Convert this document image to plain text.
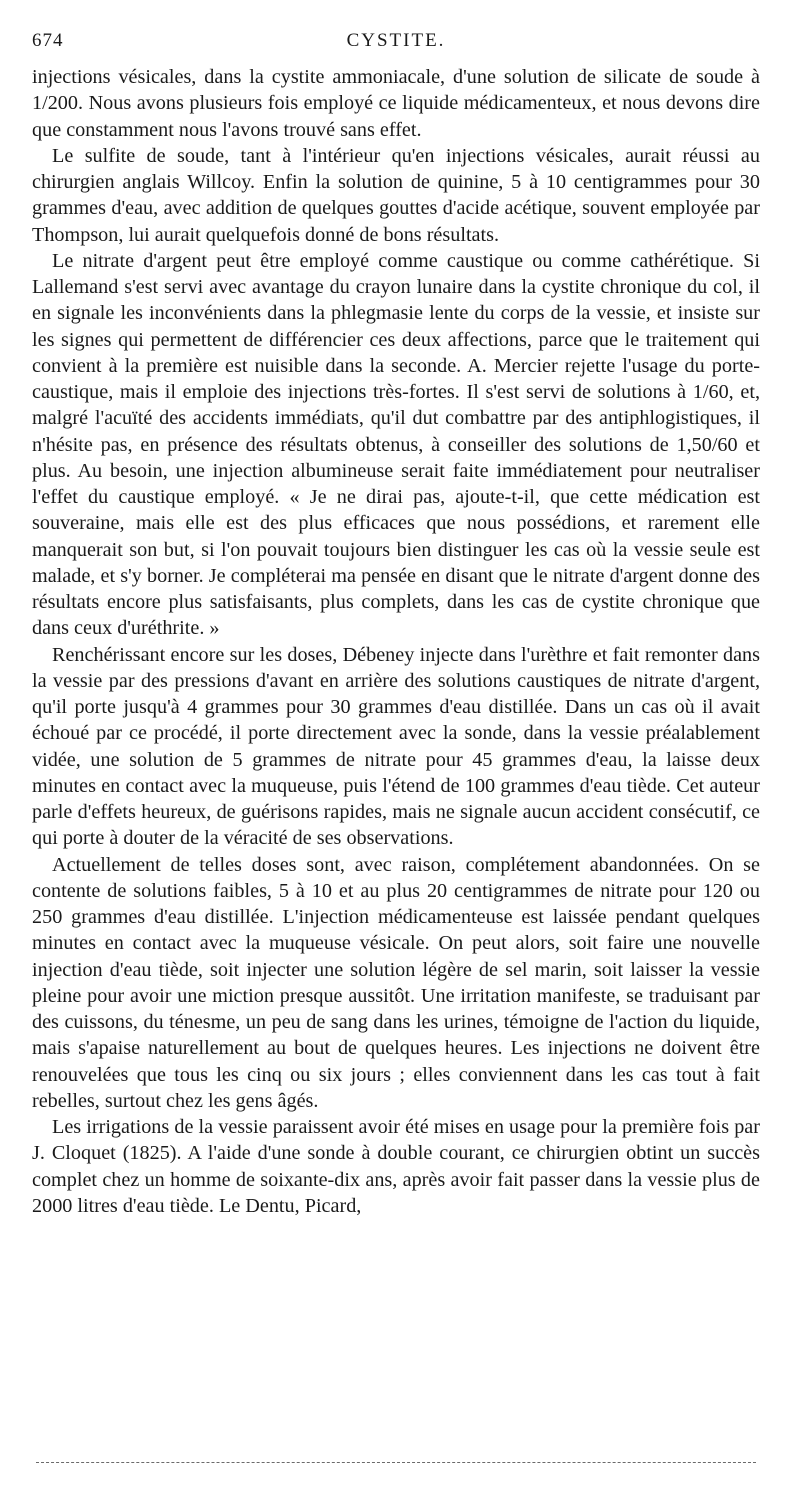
674	CYSTITE.

injections vésicales, dans la cystite ammoniacale, d'une solution de silicate de soude à 1/200. Nous avons plusieurs fois employé ce liquide médicamenteux, et nous devons dire que constamment nous l'avons trouvé sans effet.

Le sulfite de soude, tant à l'intérieur qu'en injections vésicales, aurait réussi au chirurgien anglais Willcoy. Enfin la solution de quinine, 5 à 10 centigrammes pour 30 grammes d'eau, avec addition de quelques gouttes d'acide acétique, souvent employée par Thompson, lui aurait quelquefois donné de bons résultats.

Le nitrate d'argent peut être employé comme caustique ou comme cathérétique. Si Lallemand s'est servi avec avantage du crayon lunaire dans la cystite chronique du col, il en signale les inconvénients dans la phlegmasie lente du corps de la vessie, et insiste sur les signes qui permettent de différencier ces deux affections, parce que le traitement qui convient à la première est nuisible dans la seconde. A. Mercier rejette l'usage du porte-caustique, mais il emploie des injections très-fortes. Il s'est servi de solutions à 1/60, et, malgré l'acuïté des accidents immédiats, qu'il dut combattre par des antiphlogistiques, il n'hésite pas, en présence des résultats obtenus, à conseiller des solutions de 1,50/60 et plus. Au besoin, une injection albumineuse serait faite immédiatement pour neutraliser l'effet du caustique employé. « Je ne dirai pas, ajoute-t-il, que cette médication est souveraine, mais elle est des plus efficaces que nous possédions, et rarement elle manquerait son but, si l'on pouvait toujours bien distinguer les cas où la vessie seule est malade, et s'y borner. Je compléterai ma pensée en disant que le nitrate d'argent donne des résultats encore plus satisfaisants, plus complets, dans les cas de cystite chronique que dans ceux d'uréthrite. »

Renchérissant encore sur les doses, Débeney injecte dans l'urèthre et fait remonter dans la vessie par des pressions d'avant en arrière des solutions caustiques de nitrate d'argent, qu'il porte jusqu'à 4 grammes pour 30 grammes d'eau distillée. Dans un cas où il avait échoué par ce procédé, il porte directement avec la sonde, dans la vessie préalablement vidée, une solution de 5 grammes de nitrate pour 45 grammes d'eau, la laisse deux minutes en contact avec la muqueuse, puis l'étend de 100 grammes d'eau tiède. Cet auteur parle d'effets heureux, de guérisons rapides, mais ne signale aucun accident consécutif, ce qui porte à douter de la véracité de ses observations.

Actuellement de telles doses sont, avec raison, complétement abandonnées. On se contente de solutions faibles, 5 à 10 et au plus 20 centigrammes de nitrate pour 120 ou 250 grammes d'eau distillée. L'injection médicamenteuse est laissée pendant quelques minutes en contact avec la muqueuse vésicale. On peut alors, soit faire une nouvelle injection d'eau tiède, soit injecter une solution légère de sel marin, soit laisser la vessie pleine pour avoir une miction presque aussitôt. Une irritation manifeste, se traduisant par des cuissons, du ténesme, un peu de sang dans les urines, témoigne de l'action du liquide, mais s'apaise naturellement au bout de quelques heures. Les injections ne doivent être renouvelées que tous les cinq ou six jours ; elles conviennent dans les cas tout à fait rebelles, surtout chez les gens âgés.

Les irrigations de la vessie paraissent avoir été mises en usage pour la première fois par J. Cloquet (1825). A l'aide d'une sonde à double courant, ce chirurgien obtint un succès complet chez un homme de soixante-dix ans, après avoir fait passer dans la vessie plus de 2000 litres d'eau tiède. Le Dentu, Picard,
